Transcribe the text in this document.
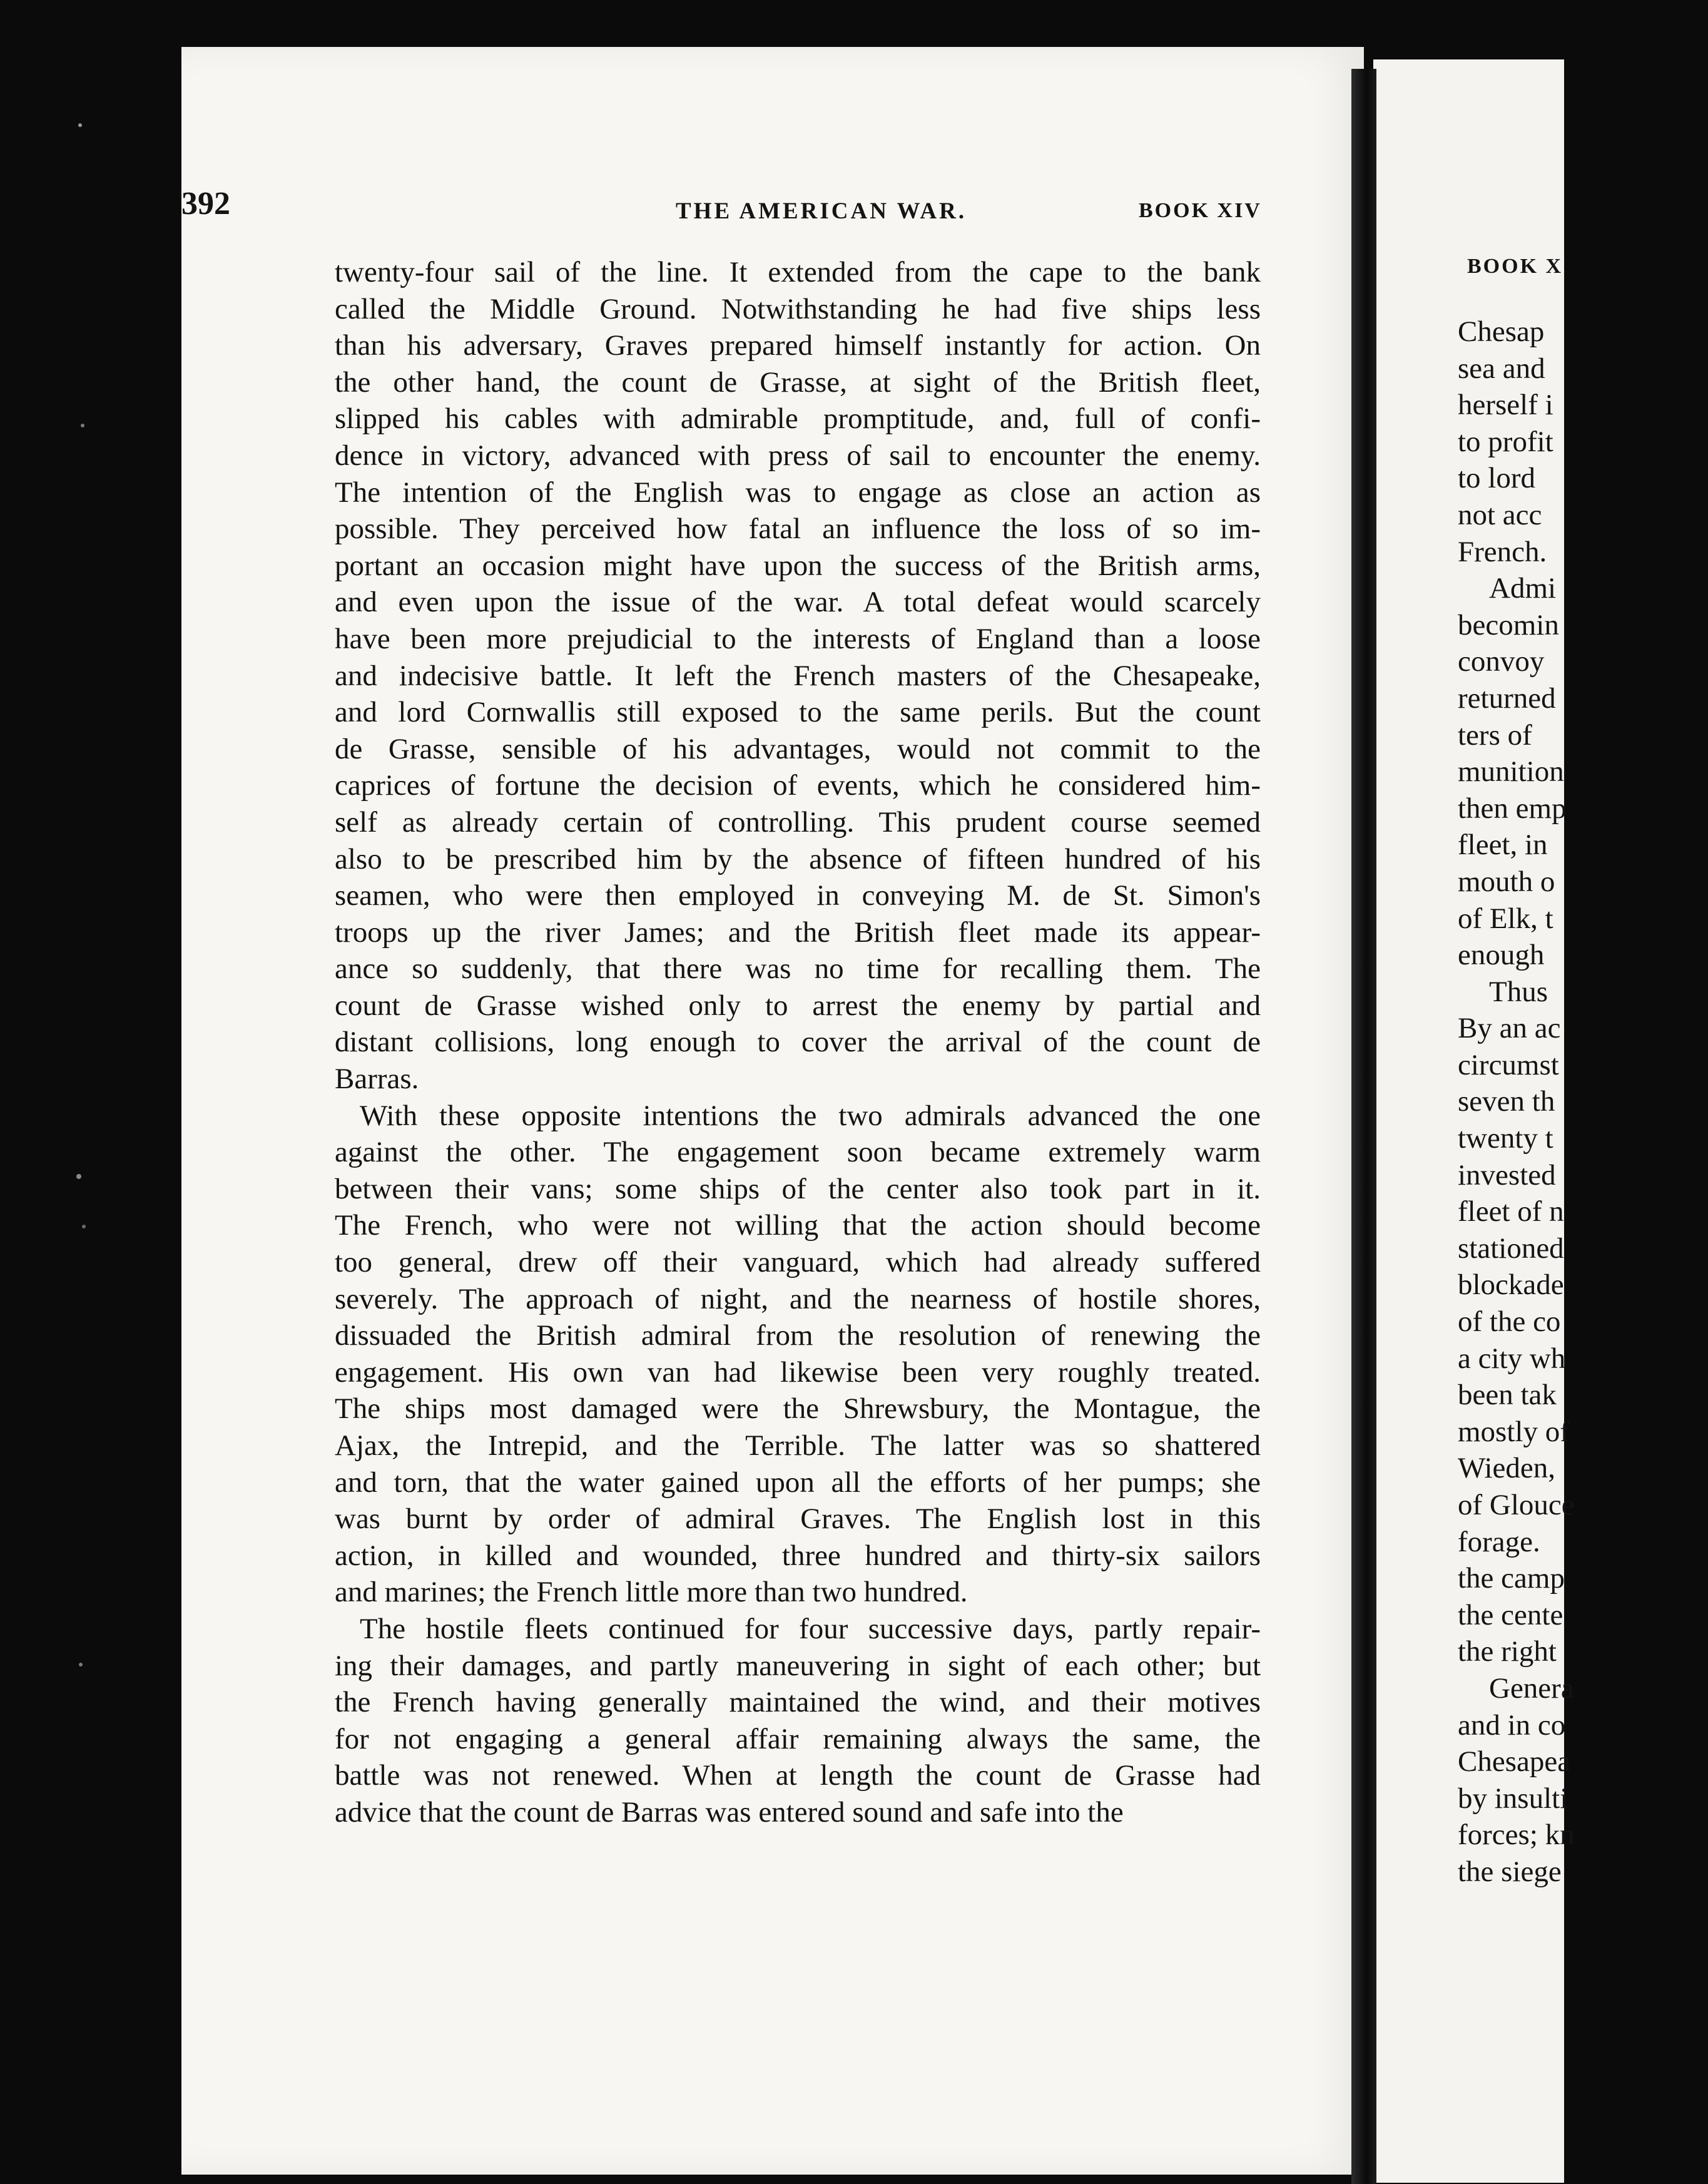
BOOK X
Chesap
sea and
herself i
to profit
to lord
not acc
French.
Admi
becomin
convoy
returned
ters of
munition
then emp
fleet, in
mouth o
of Elk, t
enough
Thus
By an ac
circumst
seven th
twenty t
invested
fleet of n
stationed
blockade
of the co
a city wh
been tak
mostly of
Wieden,
of Glouce
forage.
the camp
the cente
the right
Genera
and in co
Chesapea
by insulti
forces; kn
the siege
392	THE AMERICAN WAR.	BOOK XIV
twenty-four sail of the line. It extended from the cape to the bank
called the Middle Ground. Notwithstanding he had five ships less
than his adversary, Graves prepared himself instantly for action. On
the other hand, the count de Grasse, at sight of the British fleet,
slipped his cables with admirable promptitude, and, full of confi-
dence in victory, advanced with press of sail to encounter the enemy.
The intention of the English was to engage as close an action as
possible. They perceived how fatal an influence the loss of so im-
portant an occasion might have upon the success of the British arms,
and even upon the issue of the war. A total defeat would scarcely
have been more prejudicial to the interests of England than a loose
and indecisive battle. It left the French masters of the Chesapeake,
and lord Cornwallis still exposed to the same perils. But the count
de Grasse, sensible of his advantages, would not commit to the
caprices of fortune the decision of events, which he considered him-
self as already certain of controlling. This prudent course seemed
also to be prescribed him by the absence of fifteen hundred of his
seamen, who were then employed in conveying M. de St. Simon's
troops up the river James; and the British fleet made its appear-
ance so suddenly, that there was no time for recalling them. The
count de Grasse wished only to arrest the enemy by partial and
distant collisions, long enough to cover the arrival of the count de
Barras.
With these opposite intentions the two admirals advanced the one
against the other. The engagement soon became extremely warm
between their vans; some ships of the center also took part in it.
The French, who were not willing that the action should become
too general, drew off their vanguard, which had already suffered
severely. The approach of night, and the nearness of hostile shores,
dissuaded the British admiral from the resolution of renewing the
engagement. His own van had likewise been very roughly treated.
The ships most damaged were the Shrewsbury, the Montague, the
Ajax, the Intrepid, and the Terrible. The latter was so shattered
and torn, that the water gained upon all the efforts of her pumps; she
was burnt by order of admiral Graves. The English lost in this
action, in killed and wounded, three hundred and thirty-six sailors
and marines; the French little more than two hundred.
The hostile fleets continued for four successive days, partly repair-
ing their damages, and partly maneuvering in sight of each other; but
the French having generally maintained the wind, and their motives
for not engaging a general affair remaining always the same, the
battle was not renewed. When at length the count de Grasse had
advice that the count de Barras was entered sound and safe into the
